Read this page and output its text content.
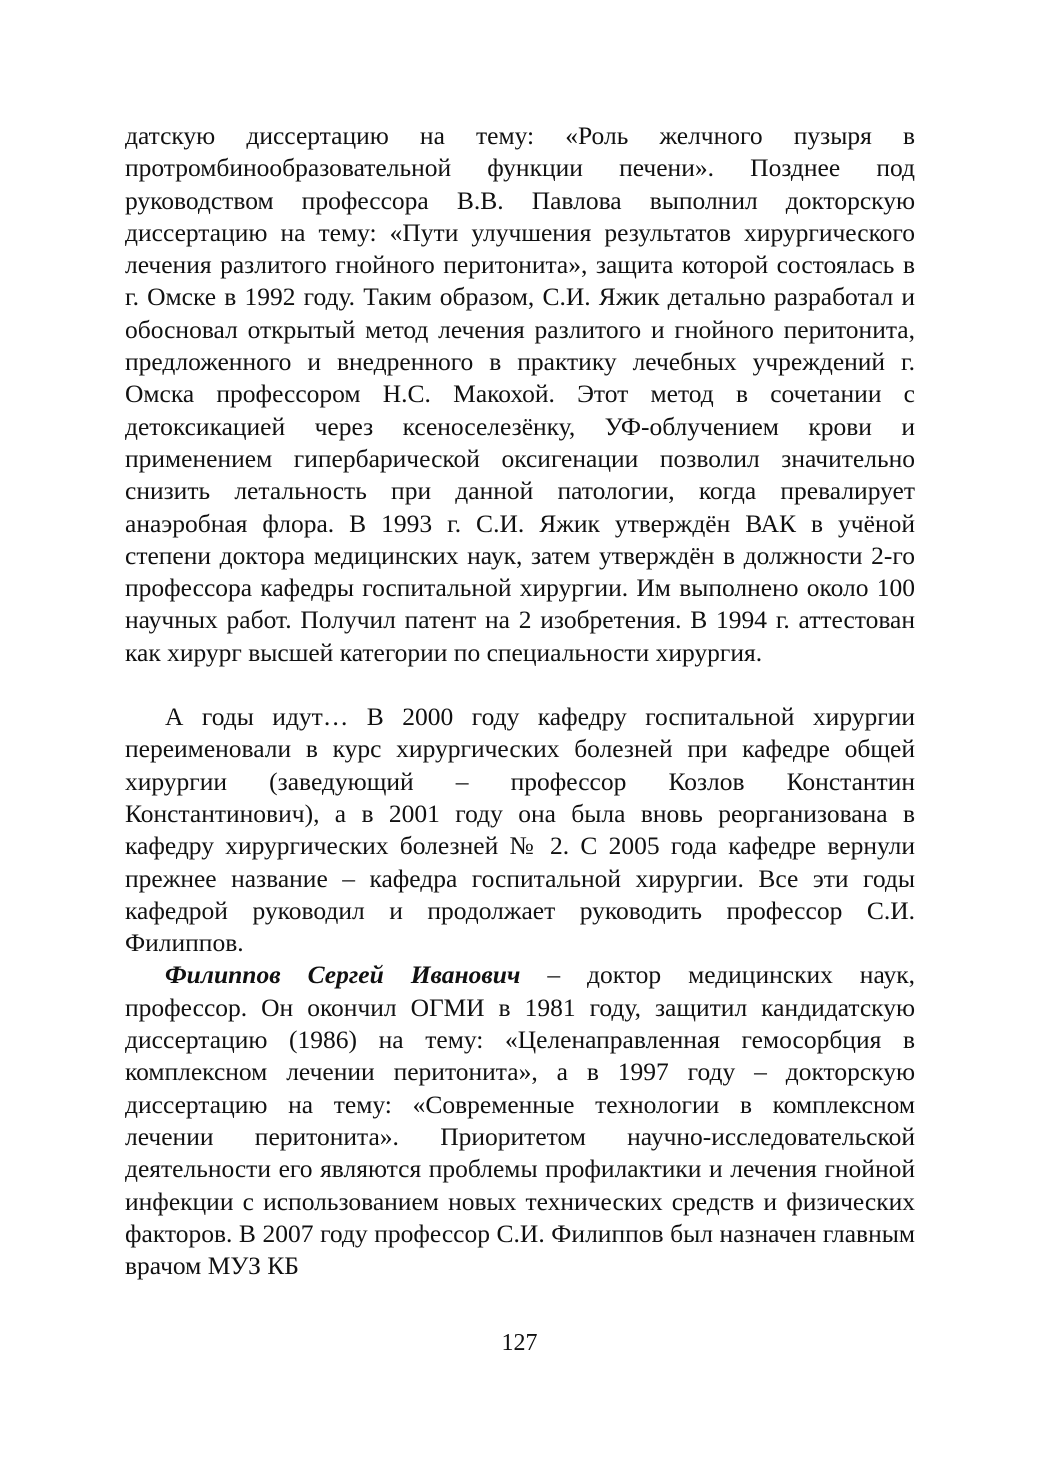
датскую диссертацию на тему: «Роль желчного пузыря в протромбинообразовательной функции печени». Позднее под руководством профессора В.В. Павлова выполнил докторскую диссертацию на тему: «Пути улучшения результатов хирургического лечения разлитого гнойного перитонита», защита которой состоялась в г. Омске в 1992 году. Таким образом, С.И. Яжик детально разработал и обосновал открытый метод лечения разлитого и гнойного перитонита, предложенного и внедренного в практику лечебных учреждений г. Омска профессором Н.С. Макохой. Этот метод в сочетании с детоксикацией через ксеноселезёнку, УФ-облучением крови и применением гипербарической оксигенации позволил значительно снизить летальность при данной патологии, когда превалирует анаэробная флора. В 1993 г. С.И. Яжик утверждён ВАК в учёной степени доктора медицинских наук, затем утверждён в должности 2-го профессора кафедры госпитальной хирургии. Им выполнено около 100 научных работ. Получил патент на 2 изобретения. В 1994 г. аттестован как хирург высшей категории по специальности хирургия.

А годы идут… В 2000 году кафедру госпитальной хирургии переименовали в курс хирургических болезней при кафедре общей хирургии (заведующий – профессор Козлов Константин Константинович), а в 2001 году она была вновь реорганизована в кафедру хирургических болезней № 2. С 2005 года кафедре вернули прежнее название – кафедра госпитальной хирургии. Все эти годы кафедрой руководил и продолжает руководить профессор С.И. Филиппов.

Филиппов Сергей Иванович – доктор медицинских наук, профессор. Он окончил ОГМИ в 1981 году, защитил кандидатскую диссертацию (1986) на тему: «Целенаправленная гемосорбция в комплексном лечении перитонита», а в 1997 году – докторскую диссертацию на тему: «Современные технологии в комплексном лечении перитонита». Приоритетом научно-исследовательской деятельности его являются проблемы профилактики и лечения гнойной инфекции с использованием новых технических средств и физических факторов. В 2007 году профессор С.И. Филиппов был назначен главным врачом МУЗ КБ

127
